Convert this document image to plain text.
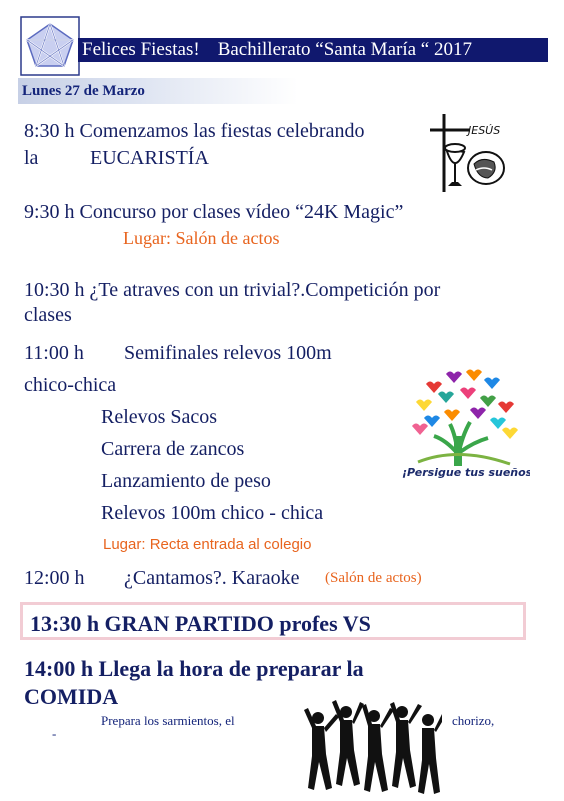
Felices Fiestas! Bachillerato “Santa María “ 2017
Lunes 27 de Marzo
8:30 h Comenzamos las fiestas celebrando
la	EUCARISTÍA
JESÚS
9:30 h Concurso por clases vídeo “24K Magic”
Lugar: Salón de actos
10:30 h ¿Te atraves con un trivial?.Competición por
clases
11:00 h Semifinales relevos 100m
chico-chica
Relevos Sacos
Carrera de zancos
Lanzamiento de peso
Relevos 100m chico - chica
Lugar: Recta entrada al colegio
¡Persigue tus sueños !
12:00 h ¿Cantamos?. Karaoke (Salón de actos)
13:30 h GRAN PARTIDO profes VS
14:00 h Llega la hora de preparar la
COMIDA
Prepara los sarmientos, el	chorizo,
-
